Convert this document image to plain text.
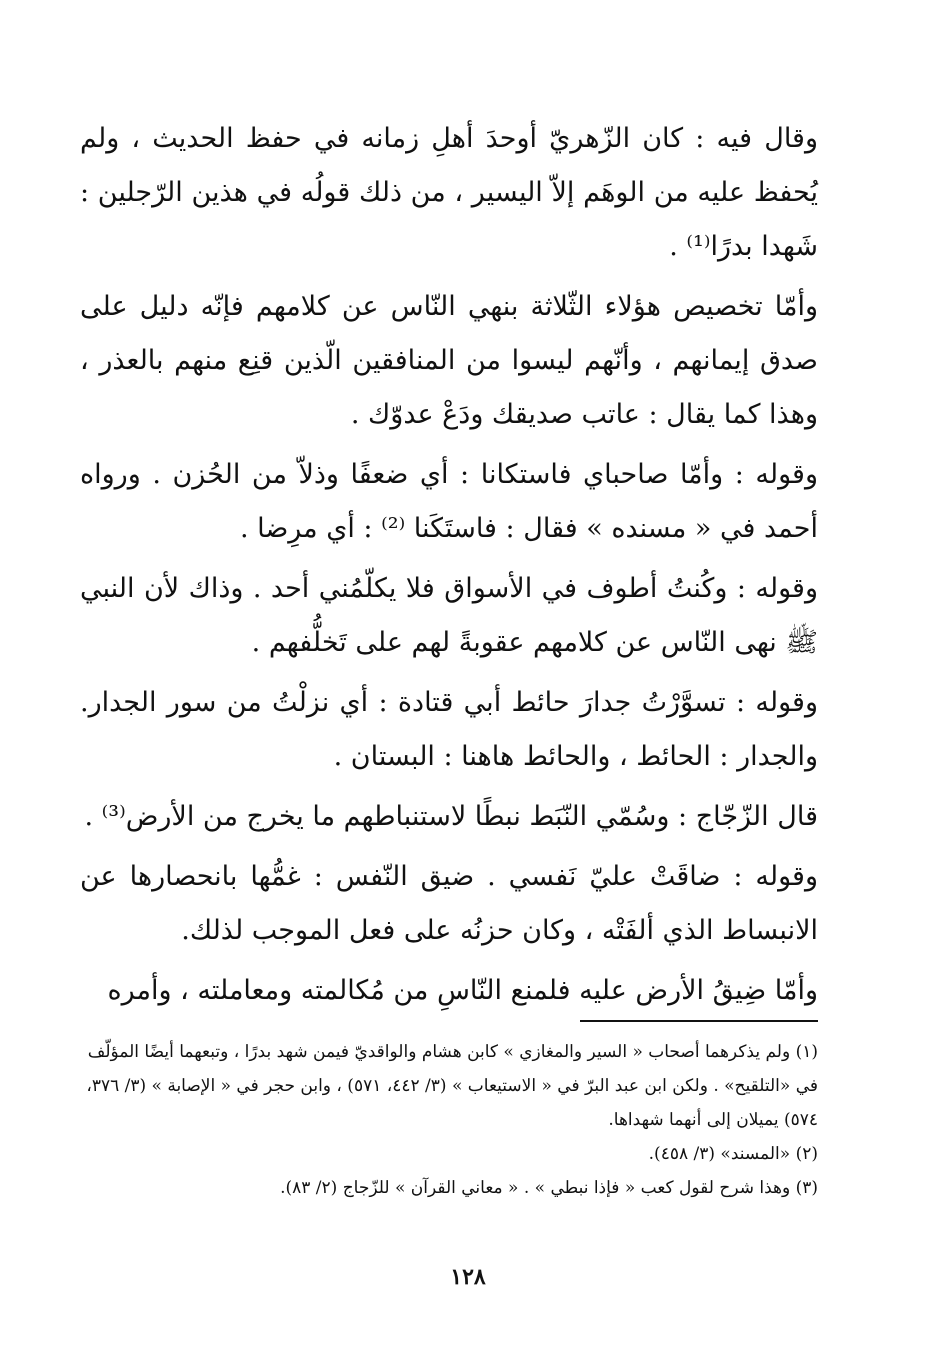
وقال فيه : كان الزّهريّ أوحدَ أهلِ زمانه في حفظ الحديث ، ولم يُحفظ عليه من الوهَم إلاّ اليسير ، من ذلك قولُه في هذين الرّجلين : شَهدا بدرًا⁽¹⁾ .

وأمّا تخصيص هؤلاء الثّلاثة بنهي النّاس عن كلامهم فإنّه دليل على صدق إيمانهم ، وأنّهم ليسوا من المنافقين الّذين قنِع منهم بالعذر ، وهذا كما يقال : عاتب صديقك ودَعْ عدوّك .

وقوله : وأمّا صاحباي فاستكانا : أي ضعفًا وذلاّ من الحُزن . ورواه أحمد في « مسنده » فقال : فاستَكَنا ⁽²⁾ : أي مرِضا .

وقوله : وكُنتُ أطوف في الأسواق فلا يكلّمُني أحد . وذاك لأن النبي ﷺ نهى النّاس عن كلامهم عقوبةً لهم على تَخلُّفهم .

وقوله : تسوَّرْتُ جدارَ حائط أبي قتادة : أي نزلْتُ من سور الجدار. والجدار : الحائط ، والحائط هاهنا : البستان .

قال الزّجّاج : وسُمّي النّبَط نبطًا لاستنباطهم ما يخرج من الأرض⁽³⁾ .

وقوله : ضاقَتْ عليّ نَفسي . ضيق النّفس : غمُّها بانحصارها عن الانبساط الذي ألفَتْه ، وكان حزنُه على فعل الموجب لذلك.

وأمّا ضِيقُ الأرض عليه فلمنع النّاسِ من مُكالمته ومعاملته ، وأمره

(١) ولم يذكرهما أصحاب « السير والمغازي » كابن هشام والواقديّ فيمن شهد بدرًا ، وتبعهما أيضًا المؤلّف في «التلقيح» . ولكن ابن عبد البرّ في « الاستيعاب » (٣/ ٤٤٢، ٥٧١) ، وابن حجر في « الإصابة » (٣/ ٣٧٦، ٥٧٤) يميلان إلى أنهما شهداها.

(٢) «المسند» (٣/ ٤٥٨).

(٣) وهذا شرح لقول كعب « فإذا نبطي » . « معاني القرآن » للزّجاج (٢/ ٨٣).

١٢٨
